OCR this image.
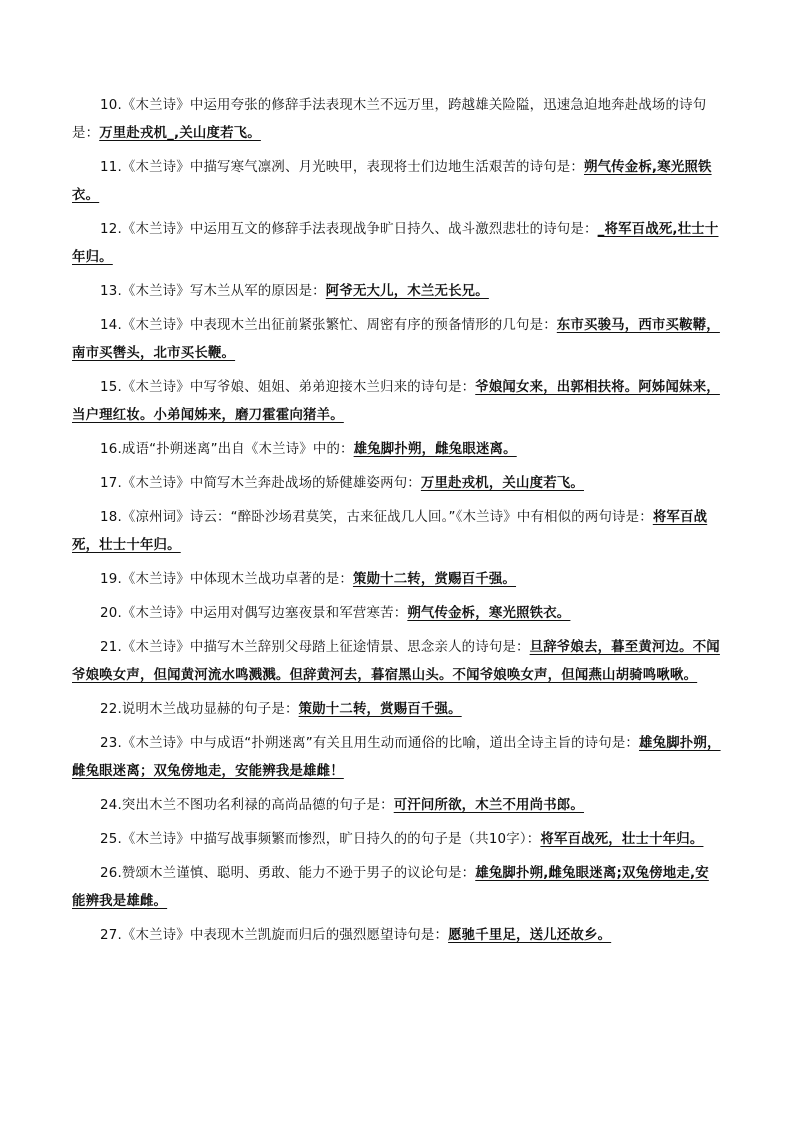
10.《木兰诗》中运用夸张的修辞手法表现木兰不远万里，跨越雄关险隘，迅速急迫地奔赴战场的诗句是：万里赴戎机_,关山度若飞。

11.《木兰诗》中描写寒气凛冽、月光映甲，表现将士们边地生活艰苦的诗句是：朔气传金柝,寒光照铁衣。

12.《木兰诗》中运用互文的修辞手法表现战争旷日持久、战斗激烈悲壮的诗句是：_将军百战死,壮士十年归。

13.《木兰诗》写木兰从军的原因是：阿爷无大儿，木兰无长兄。

14.《木兰诗》中表现木兰出征前紧张繁忙、周密有序的预备情形的几句是：东市买骏马，西市买鞍鞯，南市买辔头，北市买长鞭。

15.《木兰诗》中写爷娘、姐姐、弟弟迎接木兰归来的诗句是：爷娘闻女来，出郭相扶将。阿姊闻妹来，当户理红妆。小弟闻姊来，磨刀霍霍向猪羊。

16.成语“扑朔迷离”出自《木兰诗》中的：雄兔脚扑朔，雌兔眼迷离。

17.《木兰诗》中简写木兰奔赴战场的矫健雄姿两句：万里赴戎机，关山度若飞。

18.《凉州词》诗云：“醉卧沙场君莫笑，古来征战几人回。”《木兰诗》中有相似的两句诗是：将军百战死，壮士十年归。

19.《木兰诗》中体现木兰战功卓著的是：策勋十二转，赏赐百千强。

20.《木兰诗》中运用对偶写边塞夜景和军营寒苦：朔气传金柝，寒光照铁衣。

21.《木兰诗》中描写木兰辞别父母踏上征途情景、思念亲人的诗句是：旦辞爷娘去，暮至黄河边。不闻爷娘唤女声，但闻黄河流水鸣溅溅。但辞黄河去，暮宿黑山头。不闻爷娘唤女声，但闻燕山胡骑鸣啾啾。

22.说明木兰战功显赫的句子是：策勋十二转，赏赐百千强。

23.《木兰诗》中与成语“扑朔迷离”有关且用生动而通俗的比喻，道出全诗主旨的诗句是：雄兔脚扑朔，雌兔眼迷离；双兔傍地走，安能辨我是雄雌！

24.突出木兰不图功名利禄的高尚品德的句子是：可汗问所欲，木兰不用尚书郎。

25.《木兰诗》中描写战事频繁而惨烈，旷日持久的的句子是（共10字）：将军百战死，壮士十年归。

26.赞颂木兰谨慎、聪明、勇敢、能力不逊于男子的议论句是：雄兔脚扑朔,雌兔眼迷离;双兔傍地走,安能辨我是雄雌。

27.《木兰诗》中表现木兰凯旋而归后的强烈愿望诗句是：愿驰千里足，送儿还故乡。
